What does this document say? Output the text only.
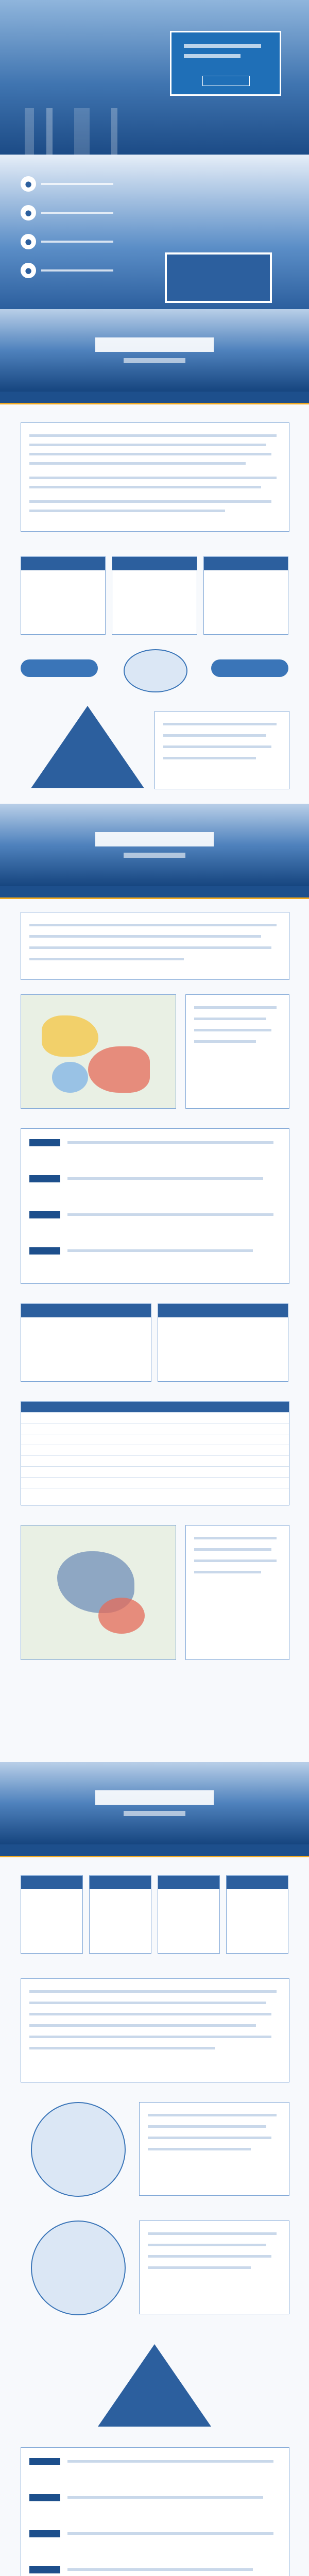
●
●
●
●
